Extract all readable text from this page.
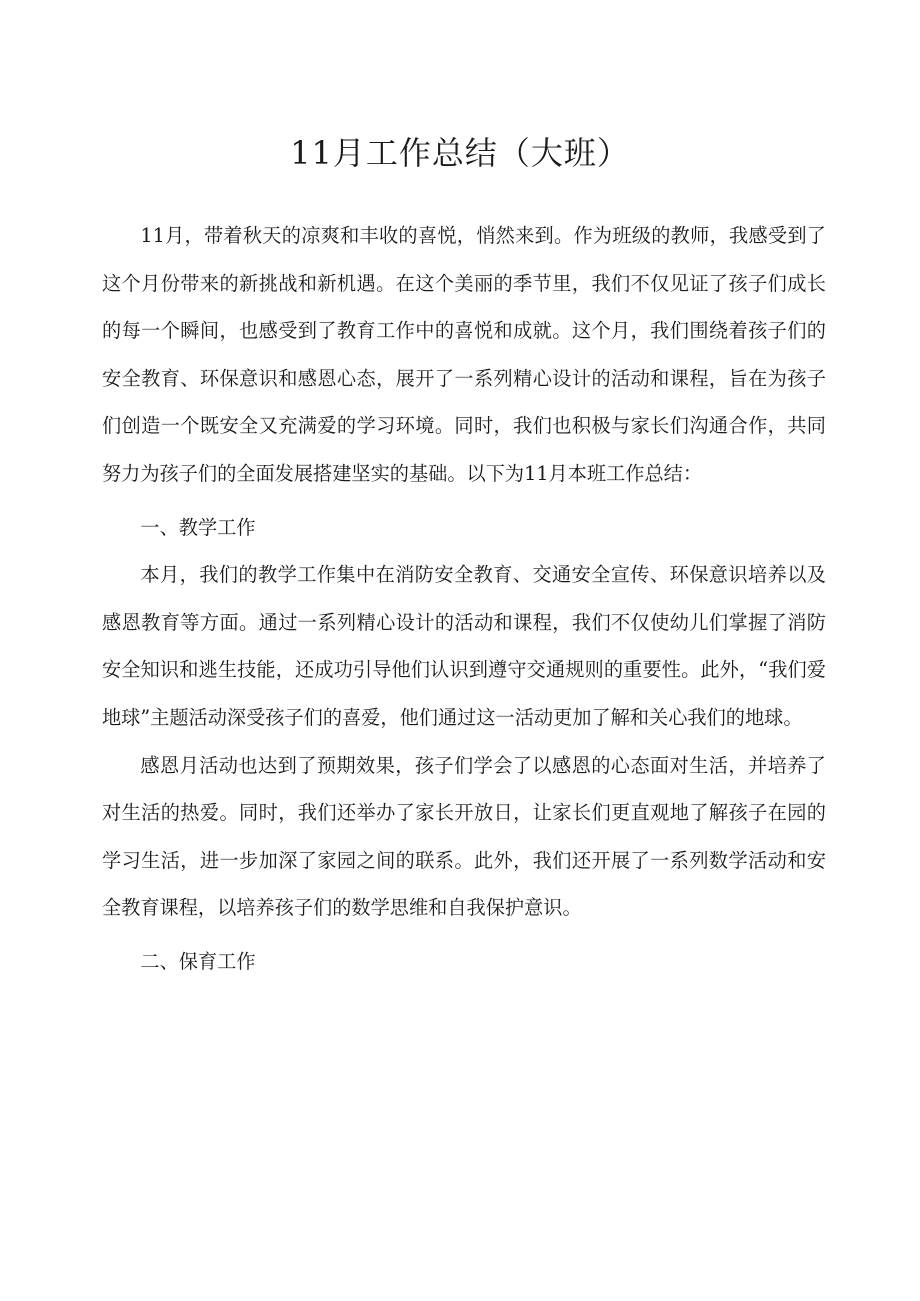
11月工作总结（大班）

11月，带着秋天的凉爽和丰收的喜悦，悄然来到。作为班级的教师，我感受到了这个月份带来的新挑战和新机遇。在这个美丽的季节里，我们不仅见证了孩子们成长的每一个瞬间，也感受到了教育工作中的喜悦和成就。这个月，我们围绕着孩子们的安全教育、环保意识和感恩心态，展开了一系列精心设计的活动和课程，旨在为孩子们创造一个既安全又充满爱的学习环境。同时，我们也积极与家长们沟通合作，共同努力为孩子们的全面发展搭建坚实的基础。以下为11月本班工作总结：

一、教学工作

本月，我们的教学工作集中在消防安全教育、交通安全宣传、环保意识培养以及感恩教育等方面。通过一系列精心设计的活动和课程，我们不仅使幼儿们掌握了消防安全知识和逃生技能，还成功引导他们认识到遵守交通规则的重要性。此外，“我们爱地球”主题活动深受孩子们的喜爱，他们通过这一活动更加了解和关心我们的地球。

感恩月活动也达到了预期效果，孩子们学会了以感恩的心态面对生活，并培养了对生活的热爱。同时，我们还举办了家长开放日，让家长们更直观地了解孩子在园的学习生活，进一步加深了家园之间的联系。此外，我们还开展了一系列数学活动和安全教育课程，以培养孩子们的数学思维和自我保护意识。

二、保育工作
